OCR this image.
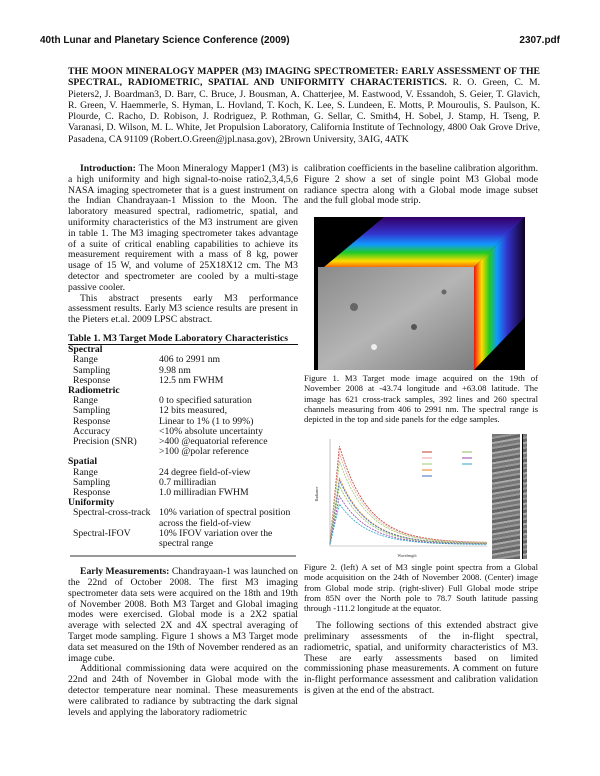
40th Lunar and Planetary Science Conference (2009)	2307.pdf
THE MOON MINERALOGY MAPPER (M3) IMAGING SPECTROMETER: EARLY ASSESSMENT OF THE SPECTRAL, RADIOMETRIC, SPATIAL AND UNIFORMITY CHARACTERISTICS. R. O. Green, C. M. Pieters2, J. Boardman3, D. Barr, C. Bruce, J. Bousman, A. Chatterjee, M. Eastwood, V. Essandoh, S. Geier, T. Glavich, R. Green, V. Haemmerle, S. Hyman, L. Hovland, T. Koch, K. Lee, S. Lundeen, E. Motts, P. Mouroulis, S. Paulson, K. Plourde, C. Racho, D. Robison, J. Rodriguez, P. Rothman, G. Sellar, C. Smith4, H. Sobel, J. Stamp, H. Tseng, P. Varanasi, D. Wilson, M. L. White, Jet Propulsion Laboratory, California Institute of Technology, 4800 Oak Grove Drive, Pasadena, CA 91109 (Robert.O.Green@jpl.nasa.gov), 2Brown University, 3AIG, 4ATK

Introduction: The Moon Mineralogy Mapper1 (M3) is a high uniformity and high signal-to-noise ratio2,3,4,5,6 NASA imaging spectrometer that is a guest instrument on the Indian Chandrayaan-1 Mission to the Moon. The laboratory measured spectral, radiometric, spatial, and uniformity characteristics of the M3 instrument are given in table 1. The M3 imaging spectrometer takes advantage of a suite of critical enabling capabilities to achieve its measurement requirement with a mass of 8 kg, power usage of 15 W, and volume of 25X18X12 cm. The M3 detector and spectrometer are cooled by a multi-stage passive cooler.

This abstract presents early M3 performance assessment results. Early M3 science results are present in the Pieters et.al. 2009 LPSC abstract.

Table 1. M3 Target Mode Laboratory Characteristics
Spectral
Range	406 to 2991 nm
Sampling	9.98 nm
Response	12.5 nm FWHM
Radiometric
Range	0 to specified saturation
Sampling	12 bits measured,
Response	Linear to 1% (1 to 99%)
Accuracy	<10% absolute uncertainty
Precision (SNR)	>400 @equatorial reference
>100 @polar reference
Spatial
Range	24 degree field-of-view
Sampling	0.7 milliradian
Response	1.0 milliradian FWHM
Uniformity
Spectral-cross-track 10% variation of spectral position across the field-of-view
Spectral-IFOV	10% IFOV variation over the spectral range

Early Measurements: Chandrayaan-1 was launched on the 22nd of October 2008. The first M3 imaging spectrometer data sets were acquired on the 18th and 19th of November 2008. Both M3 Target and Global imaging modes were exercised. Global mode is a 2X2 spatial average with selected 2X and 4X spectral averaging of Target mode sampling. Figure 1 shows a M3 Target mode data set measured on the 19th of November rendered as an image cube.

Additional commissioning data were acquired on the 22nd and 24th of November in Global mode with the detector temperature near nominal. These measurements were calibrated to radiance by subtracting the dark signal levels and applying the laboratory radiometric

calibration coefficients in the baseline calibration algorithm. Figure 2 show a set of single point M3 Global mode radiance spectra along with a Global mode image subset and the full global mode strip.
Figure 1. M3 Target mode image acquired on the 19th of November 2008 at -43.74 longitude and +63.08 latitude. The image has 621 cross-track samples, 392 lines and 260 spectral channels measuring from 406 to 2991 nm. The spectral range is depicted in the top and side panels for the edge samples.
Wavelength
Radiance
Figure 2. (left) A set of M3 single point spectra from a Global mode acquisition on the 24th of November 2008. (Center) image from Global mode strip. (right-sliver) Full Global mode stripe from 85N over the North pole to 78.7 South latitude passing through -111.2 longitude at the equator.

The following sections of this extended abstract give preliminary assessments of the in-flight spectral, radiometric, spatial, and uniformity characteristics of M3. These are early assessments based on limited commissioning phase measurements. A comment on future in-flight performance assessment and calibration validation is given at the end of the abstract.
